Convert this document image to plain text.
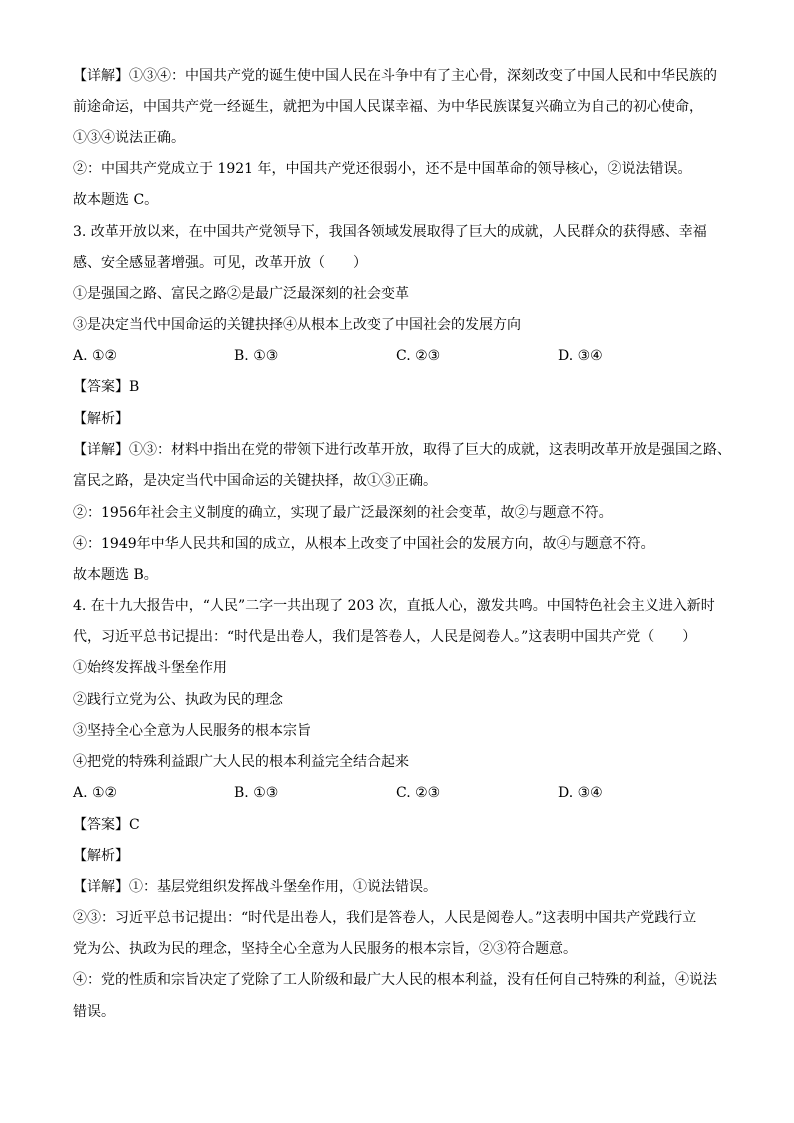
【详解】①③④：中国共产党的诞生使中国人民在斗争中有了主心骨，深刻改变了中国人民和中华民族的
前途命运，中国共产党一经诞生，就把为中国人民谋幸福、为中华民族谋复兴确立为自己的初心使命，
①③④说法正确。
②：中国共产党成立于 1921 年，中国共产党还很弱小，还不是中国革命的领导核心，②说法错误。
故本题选 C。
3. 改革开放以来，在中国共产党领导下，我国各领域发展取得了巨大的成就，人民群众的获得感、幸福
感、安全感显著增强。可见，改革开放（　　）
①是强国之路、富民之路②是最广泛最深刻的社会变革
③是决定当代中国命运的关键抉择④从根本上改变了中国社会的发展方向
A. ①②	B. ①③	C. ②③	D. ③④
【答案】B
【解析】
【详解】①③：材料中指出在党的带领下进行改革开放，取得了巨大的成就，这表明改革开放是强国之路、
富民之路，是决定当代中国命运的关键抉择，故①③正确。
②：1956年社会主义制度的确立，实现了最广泛最深刻的社会变革，故②与题意不符。
④：1949年中华人民共和国的成立，从根本上改变了中国社会的发展方向，故④与题意不符。
故本题选 B。
4. 在十九大报告中，“人民”二字一共出现了 203 次，直抵人心，激发共鸣。中国特色社会主义进入新时
代，习近平总书记提出：“时代是出卷人，我们是答卷人，人民是阅卷人。”这表明中国共产党（　　）
①始终发挥战斗堡垒作用
②践行立党为公、执政为民的理念
③坚持全心全意为人民服务的根本宗旨
④把党的特殊利益跟广大人民的根本利益完全结合起来
A. ①②	B. ①③	C. ②③	D. ③④
【答案】C
【解析】
【详解】①：基层党组织发挥战斗堡垒作用，①说法错误。
②③：习近平总书记提出：“时代是出卷人，我们是答卷人，人民是阅卷人。”这表明中国共产党践行立
党为公、执政为民的理念，坚持全心全意为人民服务的根本宗旨，②③符合题意。
④：党的性质和宗旨决定了党除了工人阶级和最广大人民的根本利益，没有任何自己特殊的利益，④说法
错误。
